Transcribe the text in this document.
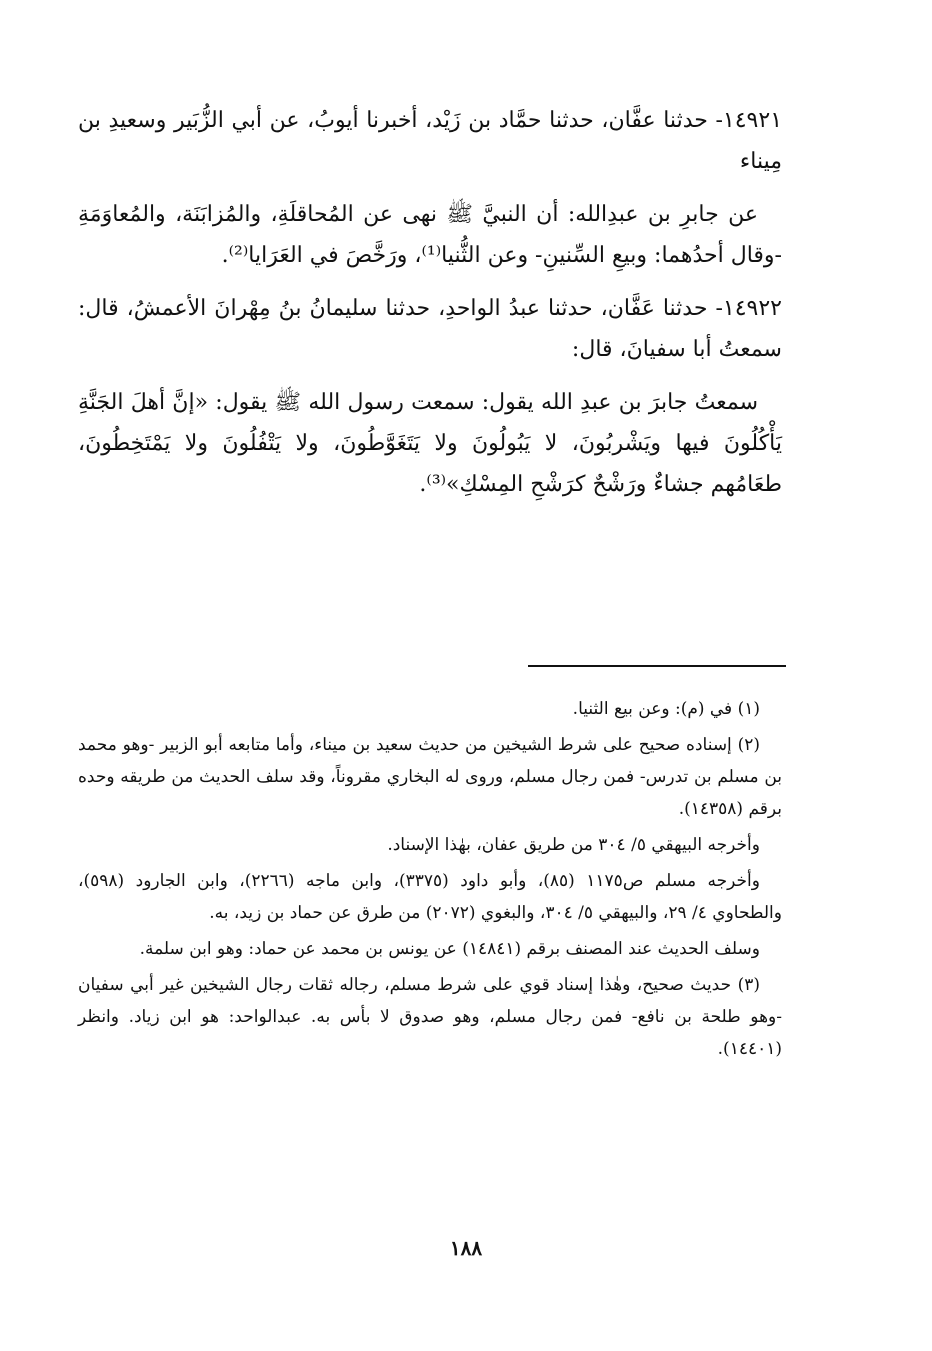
١٤٩٢١- حدثنا عفَّان، حدثنا حمَّاد بن زَيْد، أخبرنا أيوبُ، عن أبي الزُّبَير وسعيدِ بن مِيناء

عن جابرِ بن عبدِالله: أن النبيَّ ﷺ نهى عن المُحاقلَةِ، والمُزابَنَة، والمُعاوَمَةِ -وقال أحدُهما: وبيعِ السِّنينِ- وعن الثُّنيا⁽¹⁾، ورَخَّصَ في العَرَايا⁽²⁾.

١٤٩٢٢- حدثنا عَفَّان، حدثنا عبدُ الواحدِ، حدثنا سليمانُ بنُ مِهْرانَ الأعمشُ، قال: سمعتُ أبا سفيانَ، قال:

سمعتُ جابرَ بن عبدِ الله يقول: سمعت رسول الله ﷺ يقول: «إنَّ أهلَ الجَنَّةِ يَأْكُلُونَ فيها ويَشْربُونَ، لا يَبُولُونَ ولا يَتَغَوَّطُونَ، ولا يَتْفُلُونَ ولا يَمْتَخِطُونَ، طعَامُهم جشاءٌ ورَشْحٌ كرَشْحِ المِسْكِ»⁽³⁾.

(١) في (م): وعن بيع الثنيا.

(٢) إسناده صحيح على شرط الشيخين من حديث سعيد بن ميناء، وأما متابعه أبو الزبير -وهو محمد بن مسلم بن تدرس- فمن رجال مسلم، وروى له البخاري مقروناً، وقد سلف الحديث من طريقه وحده برقم (١٤٣٥٨).

وأخرجه البيهقي ٥/ ٣٠٤ من طريق عفان، بهٰذا الإسناد.

وأخرجه مسلم ص١١٧٥ (٨٥)، وأبو داود (٣٣٧٥)، وابن ماجه (٢٢٦٦)، وابن الجارود (٥٩٨)، والطحاوي ٤/ ٢٩، والبيهقي ٥/ ٣٠٤، والبغوي (٢٠٧٢) من طرق عن حماد بن زيد، به.

وسلف الحديث عند المصنف برقم (١٤٨٤١) عن يونس بن محمد عن حماد: وهو ابن سلمة.

(٣) حديث صحيح، وهٰذا إسناد قوي على شرط مسلم، رجاله ثقات رجال الشيخين غير أبي سفيان -وهو طلحة بن نافع- فمن رجال مسلم، وهو صدوق لا بأس به. عبدالواحد: هو ابن زياد. وانظر (١٤٤٠١).

١٨٨
